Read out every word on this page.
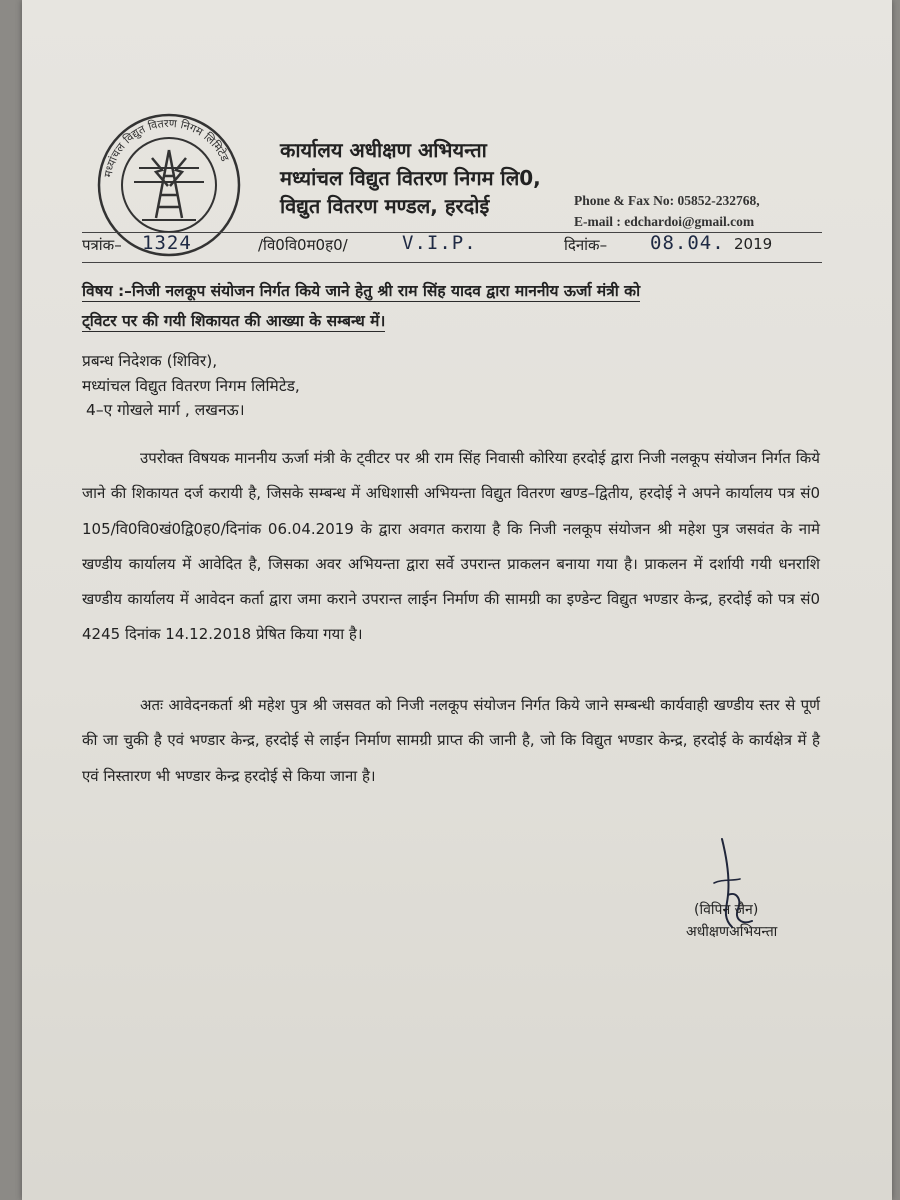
मध्यांचल विद्युत वितरण निगम लिमिटेड कार्यालय अधीक्षण अभियन्ता
मध्यांचल विद्युत वितरण निगम लि0,
विद्युत वितरण मण्डल, हरदोई	Phone & Fax No: 05852-232768,
E-mail : edchardoi@gmail.com
पत्रांक– 1324	/वि0वि0म0ह0/	V.I.P.	दिनांक– 08.04. 2019
विषय :–निजी नलकूप संयोजन निर्गत किये जाने हेतु श्री राम सिंह यादव द्वारा माननीय ऊर्जा मंत्री को
ट्विटर पर की गयी शिकायत की आख्या के सम्बन्ध में।
प्रबन्ध निदेशक (शिविर),
मध्यांचल विद्युत वितरण निगम लिमिटेड,
4–ए गोखले मार्ग , लखनऊ।
उपरोक्त विषयक माननीय ऊर्जा मंत्री के ट्वीटर पर श्री राम सिंह निवासी कोरिया हरदोई द्वारा निजी नलकूप संयोजन निर्गत किये जाने की शिकायत दर्ज करायी है, जिसके सम्बन्ध में अधिशासी अभियन्ता विद्युत वितरण खण्ड–द्वितीय, हरदोई ने अपने कार्यालय पत्र सं0 105/वि0वि0खं0द्वि0ह0/दिनांक 06.04.2019 के द्वारा अवगत कराया है कि निजी नलकूप संयोजन श्री महेश पुत्र जसवंत के नामे खण्डीय कार्यालय में आवेदित है, जिसका अवर अभियन्ता द्वारा सर्वे उपरान्त प्राकलन बनाया गया है। प्राकलन में दर्शायी गयी धनराशि खण्डीय कार्यालय में आवेदन कर्ता द्वारा जमा कराने उपरान्त लाईन निर्माण की सामग्री का इण्डेन्ट विद्युत भण्डार केन्द्र, हरदोई को पत्र सं0 4245 दिनांक 14.12.2018 प्रेषित किया गया है।
अतः आवेदनकर्ता श्री महेश पुत्र श्री जसवत को निजी नलकूप संयोजन निर्गत किये जाने सम्बन्धी कार्यवाही खण्डीय स्तर से पूर्ण की जा चुकी है एवं भण्डार केन्द्र, हरदोई से लाईन निर्माण सामग्री प्राप्त की जानी है, जो कि विद्युत भण्डार केन्द्र, हरदोई के कार्यक्षेत्र में है एवं निस्तारण भी भण्डार केन्द्र हरदोई से किया जाना है।
(विपिन जैन)
अधीक्षणअभियन्ता
